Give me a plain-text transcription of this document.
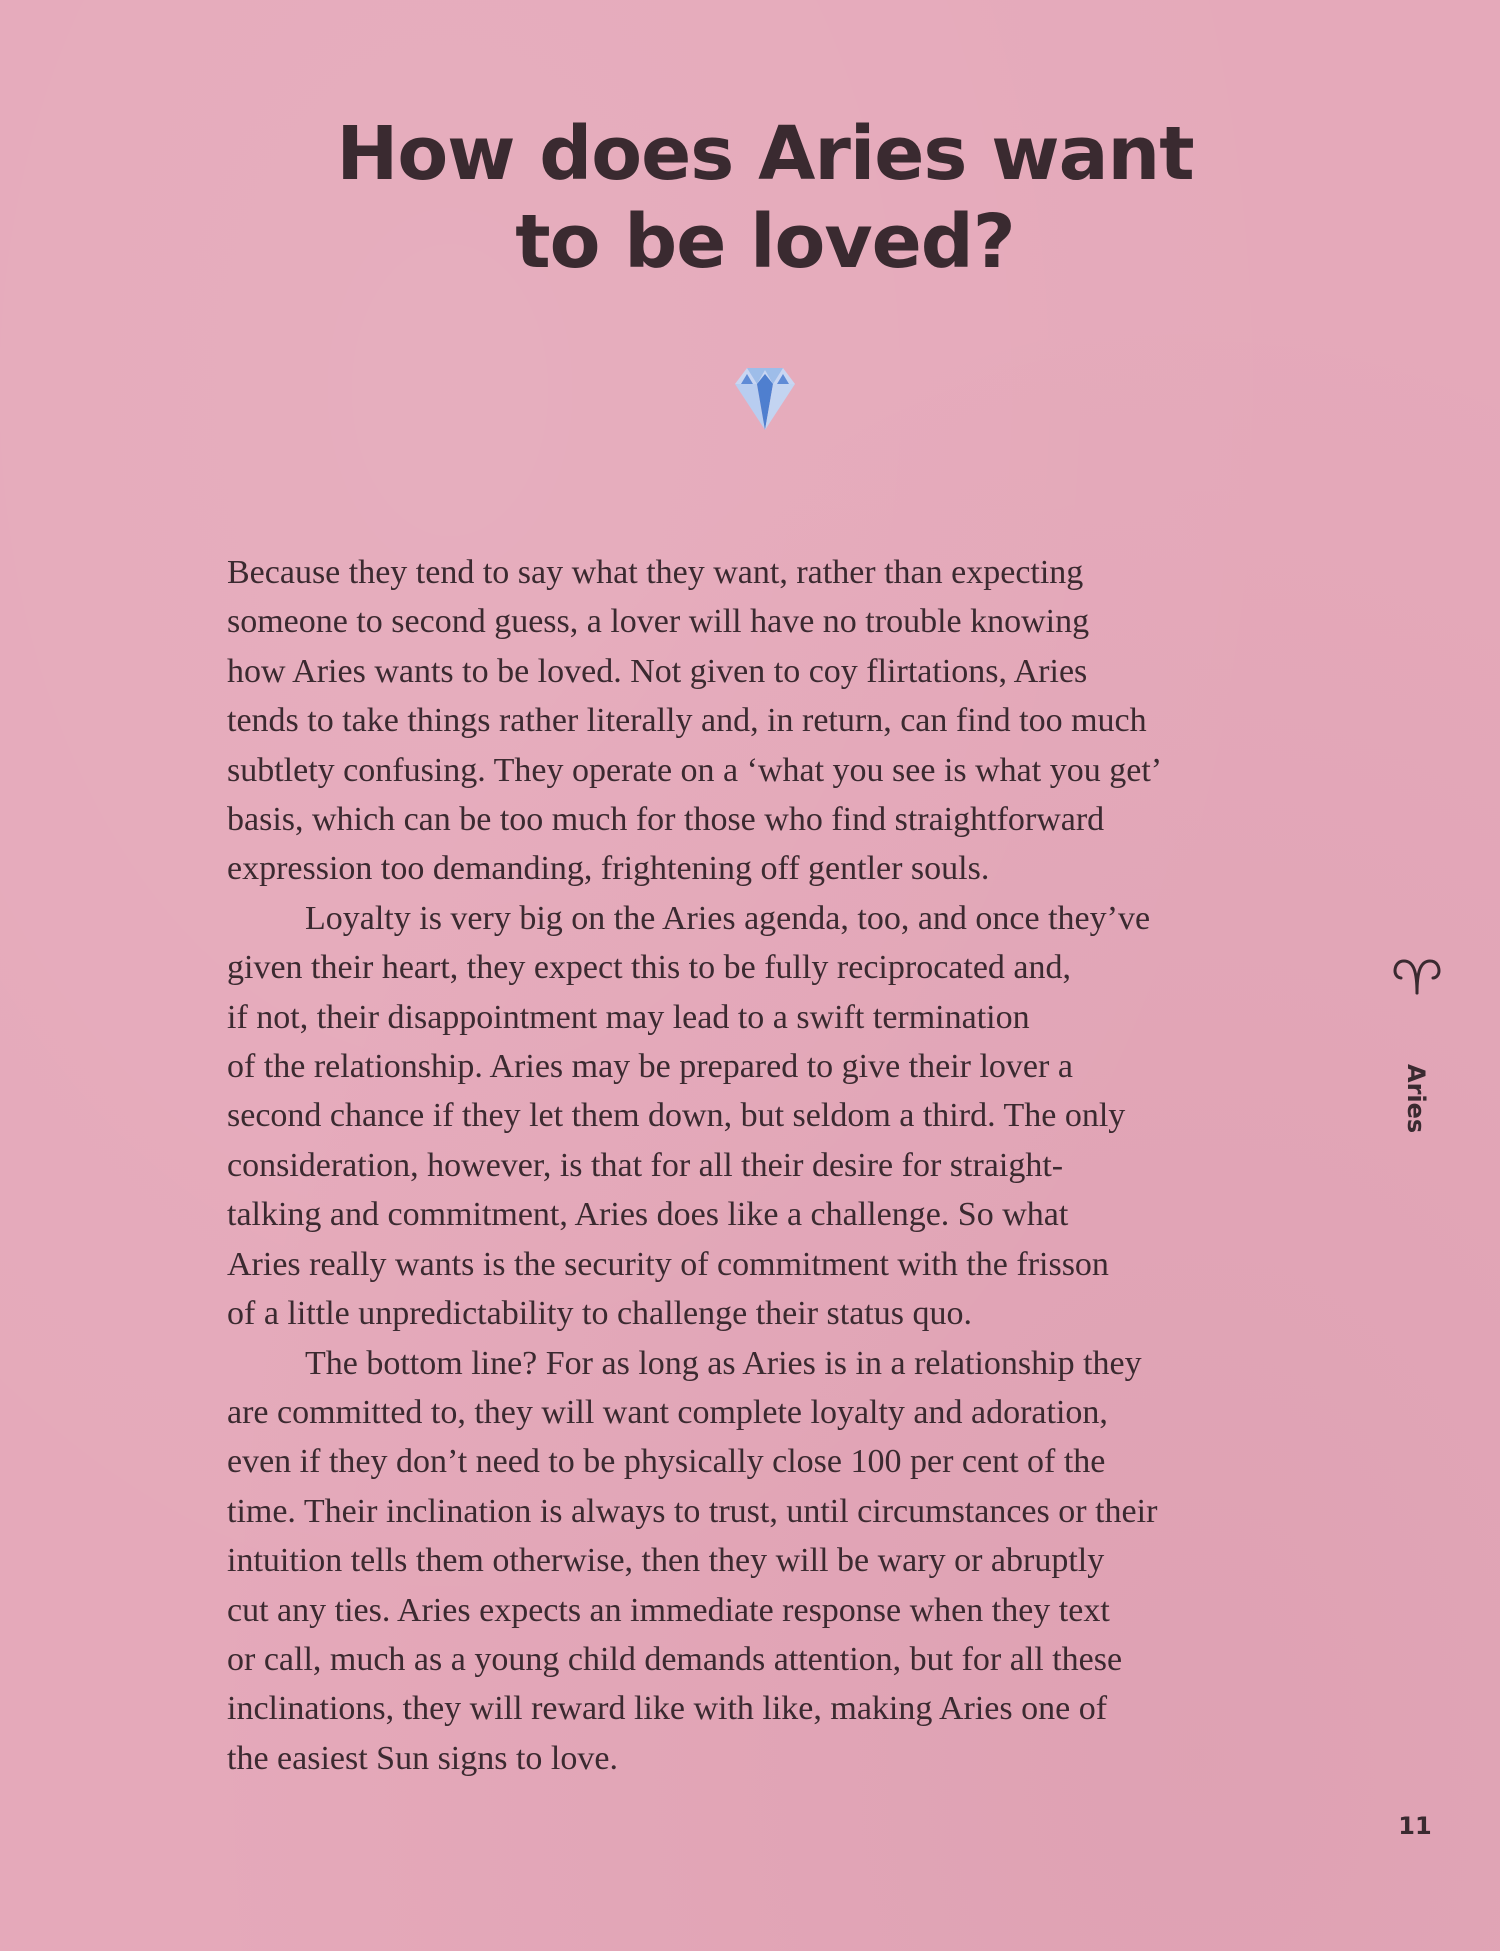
How does Aries want
to be loved?
Because they tend to say what they want, rather than expecting
someone to second guess, a lover will have no trouble knowing
how Aries wants to be loved. Not given to coy flirtations, Aries
tends to take things rather literally and, in return, can find too much
subtlety confusing. They operate on a ‘what you see is what you get’
basis, which can be too much for those who find straightforward
expression too demanding, frightening off gentler souls.
Loyalty is very big on the Aries agenda, too, and once they’ve
given their heart, they expect this to be fully reciprocated and,
if not, their disappointment may lead to a swift termination
of the relationship. Aries may be prepared to give their lover a
second chance if they let them down, but seldom a third. The only
consideration, however, is that for all their desire for straight-
talking and commitment, Aries does like a challenge. So what
Aries really wants is the security of commitment with the frisson
of a little unpredictability to challenge their status quo.
The bottom line? For as long as Aries is in a relationship they
are committed to, they will want complete loyalty and adoration,
even if they don’t need to be physically close 100 per cent of the
time. Their inclination is always to trust, until circumstances or their
intuition tells them otherwise, then they will be wary or abruptly
cut any ties. Aries expects an immediate response when they text
or call, much as a young child demands attention, but for all these
inclinations, they will reward like with like, making Aries one of
the easiest Sun signs to love.
Aries
11
